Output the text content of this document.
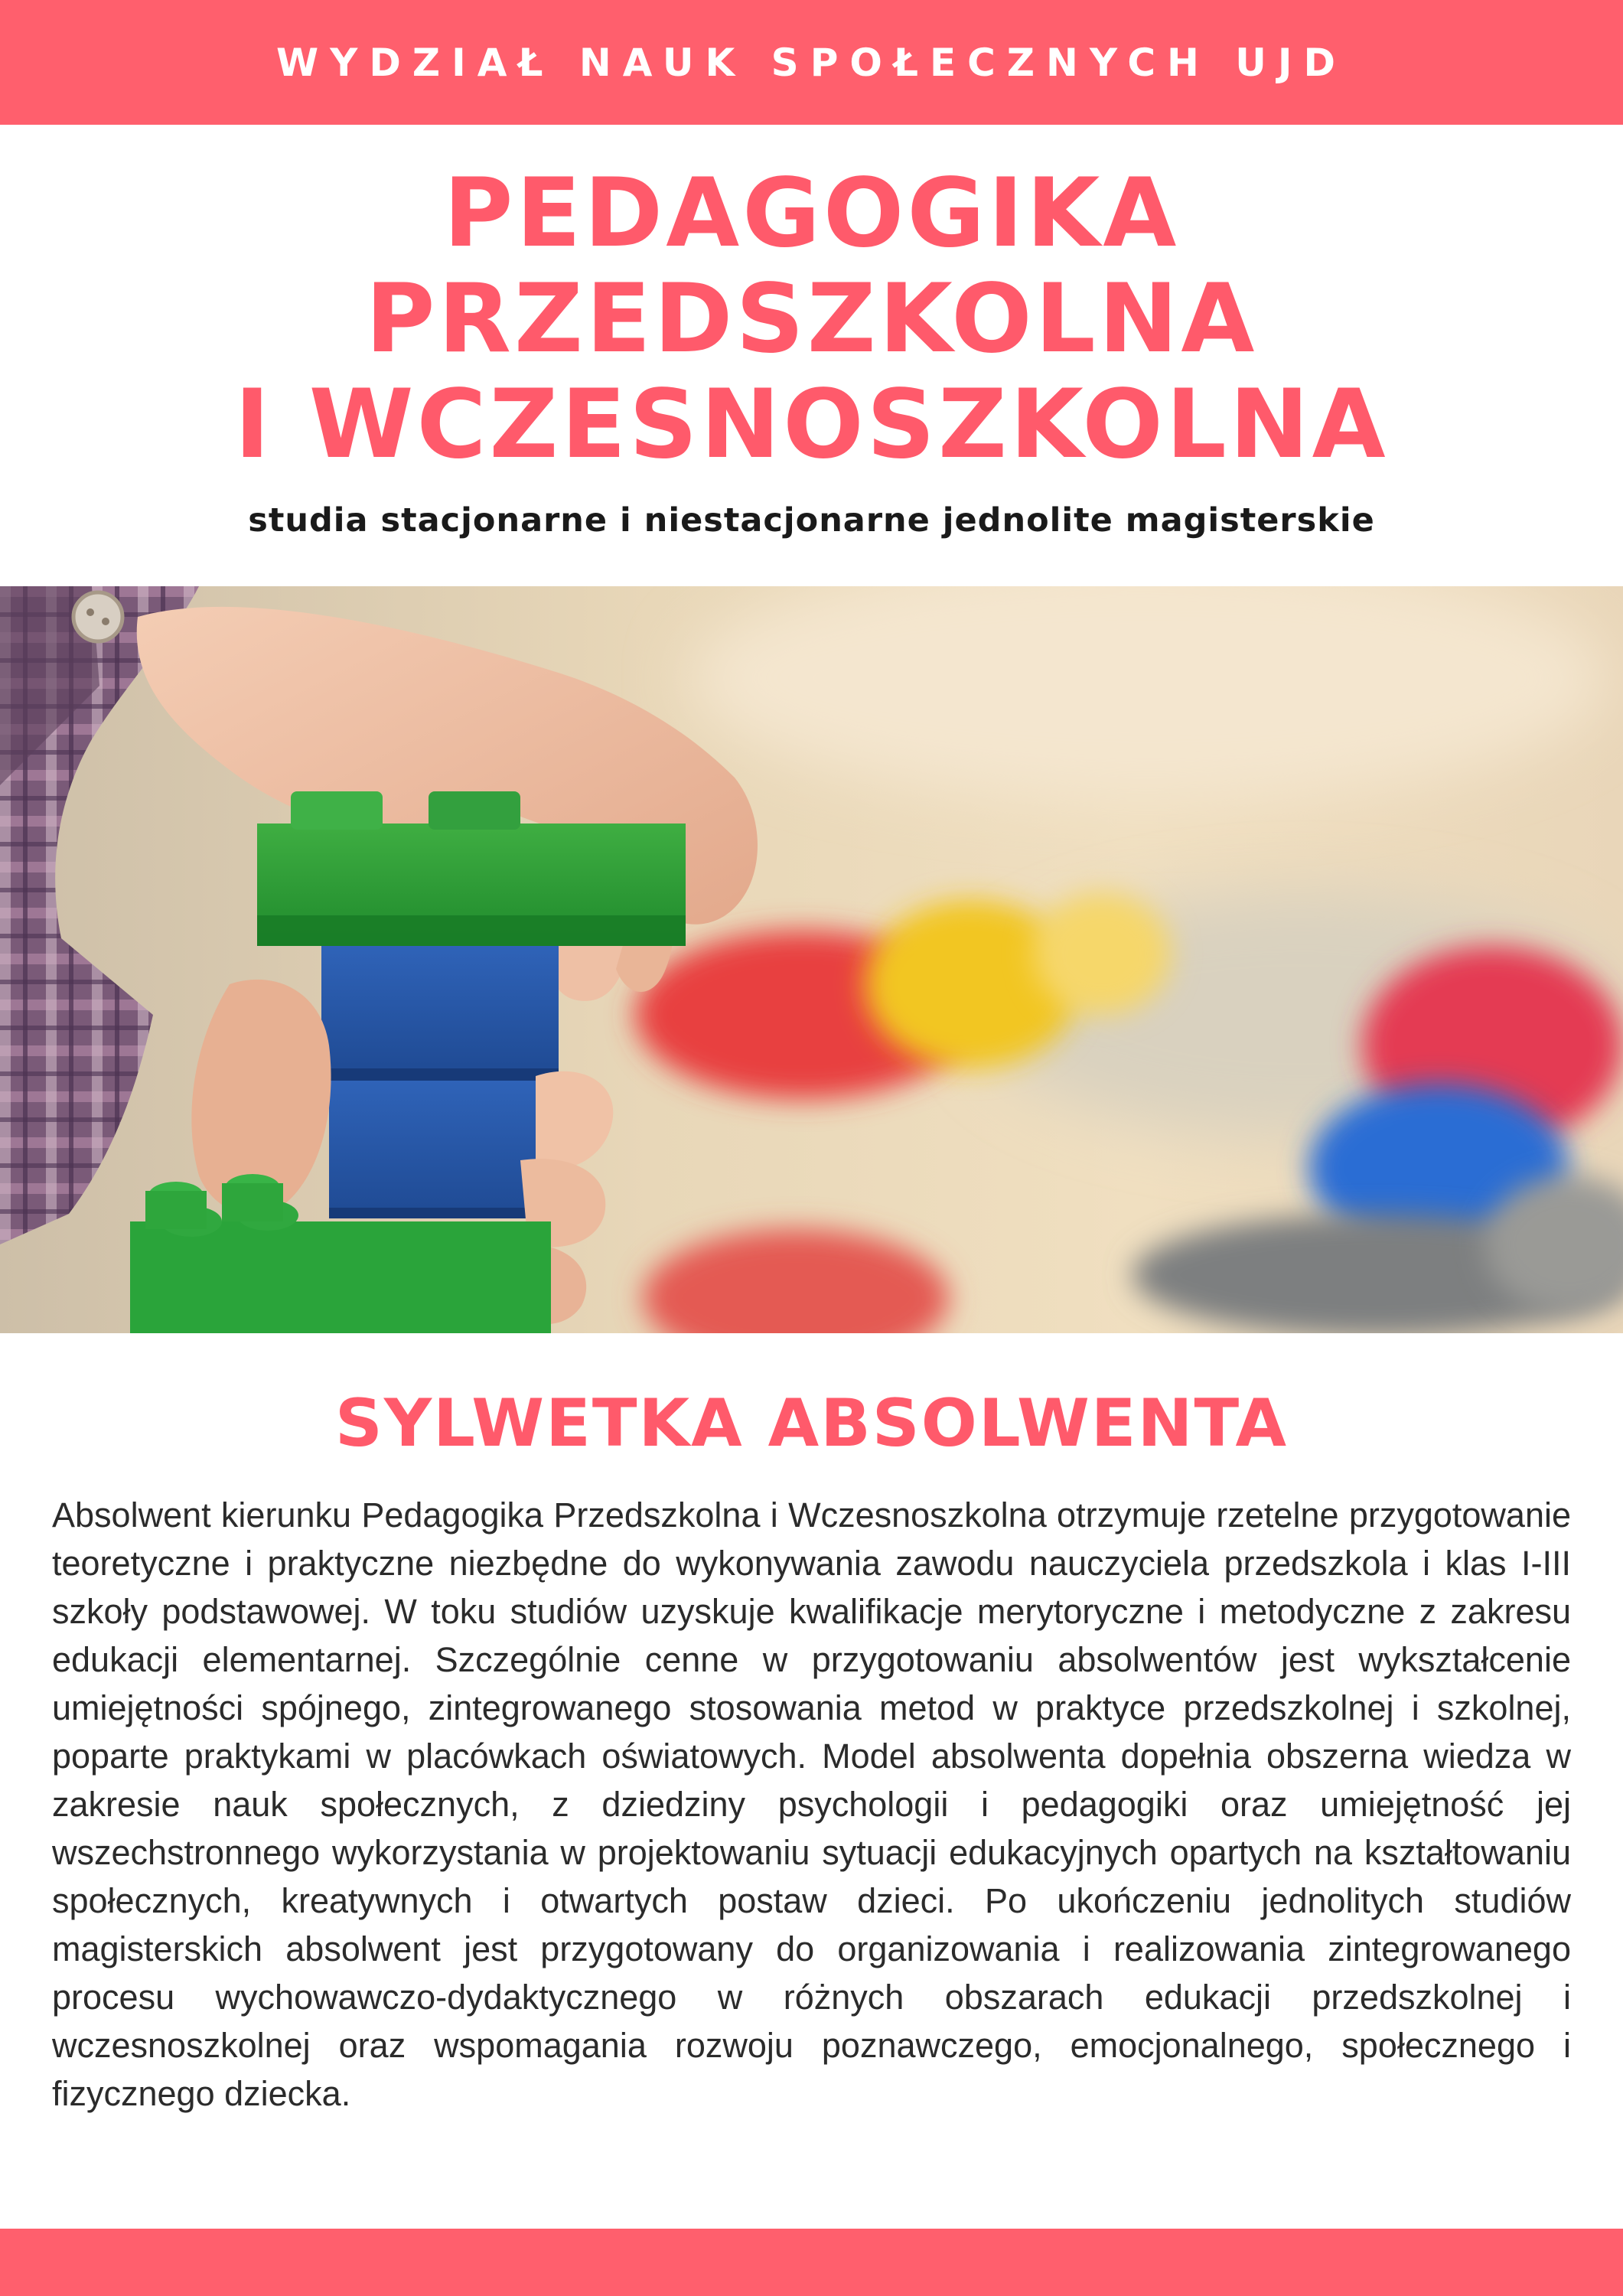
WYDZIAŁ NAUK SPOŁECZNYCH UJD
PEDAGOGIKA
PRZEDSZKOLNA
I WCZESNOSZKOLNA
studia stacjonarne i niestacjonarne jednolite magisterskie
SYLWETKA ABSOLWENTA

Absolwent kierunku Pedagogika Przedszkolna i Wczesnoszkolna otrzymuje rzetelne przygotowanie teoretyczne i praktyczne niezbędne do wykonywania zawodu nauczyciela przedszkola i klas I-III szkoły podstawowej. W toku studiów uzyskuje kwalifikacje merytoryczne i metodyczne z zakresu edukacji elementarnej. Szczególnie cenne w przygotowaniu absolwentów jest wykształcenie umiejętności spójnego, zintegrowanego stosowania metod w praktyce przedszkolnej i szkolnej, poparte praktykami w placówkach oświatowych. Model absolwenta dopełnia obszerna wiedza w zakresie nauk społecznych, z dziedziny psychologii i pedagogiki oraz umiejętność jej wszechstronnego wykorzystania w projektowaniu sytuacji edukacyjnych opartych na kształtowaniu społecznych, kreatywnych i otwartych postaw dzieci. Po ukończeniu jednolitych studiów magisterskich absolwent jest przygotowany do organizowania i realizowania zintegrowanego procesu wychowawczo-dydaktycznego w różnych obszarach edukacji przedszkolnej i wczesnoszkolnej oraz wspomagania rozwoju poznawczego, emocjonalnego, społecznego i fizycznego dziecka.
